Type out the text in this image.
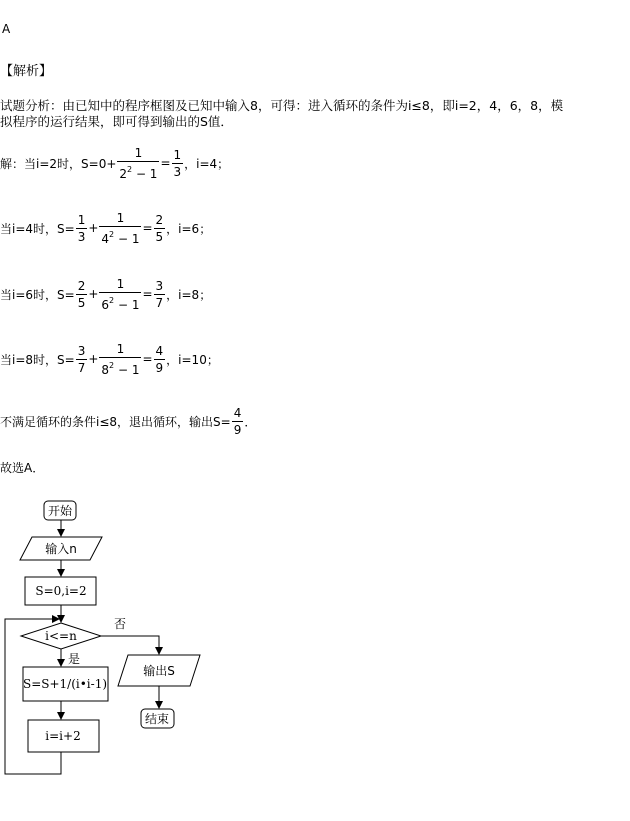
A
【解析】
试题分析：由已知中的程序框图及已知中输入8，可得：进入循环的条件为i≤8，即i=2，4，6，8，模
拟程序的运行结果，即可得到输出的S值．
解：当i=2时，$S=0+ \frac{1}{2^2 - 1} = \frac{1}{3}$ ，i=4；
当i=4时，$S= \frac{1}{3} + \frac{1}{4^2 - 1} = \frac{2}{5}$ ，i=6；
当i=6时，$S= \frac{2}{5} + \frac{1}{6^2 - 1} = \frac{3}{7}$ ，i=8；
当i=8时，$S= \frac{3}{7} + \frac{1}{8^2 - 1} = \frac{4}{9}$ ，i=10；
不满足循环的条件i≤8，退出循环，输出$S= \frac{4}{9}$ ．
故选A．
开始
输入n
S=0,i=2
i<=n
否
是
S=S+1/(i•i-1)
i=i+2
输出S
结束
